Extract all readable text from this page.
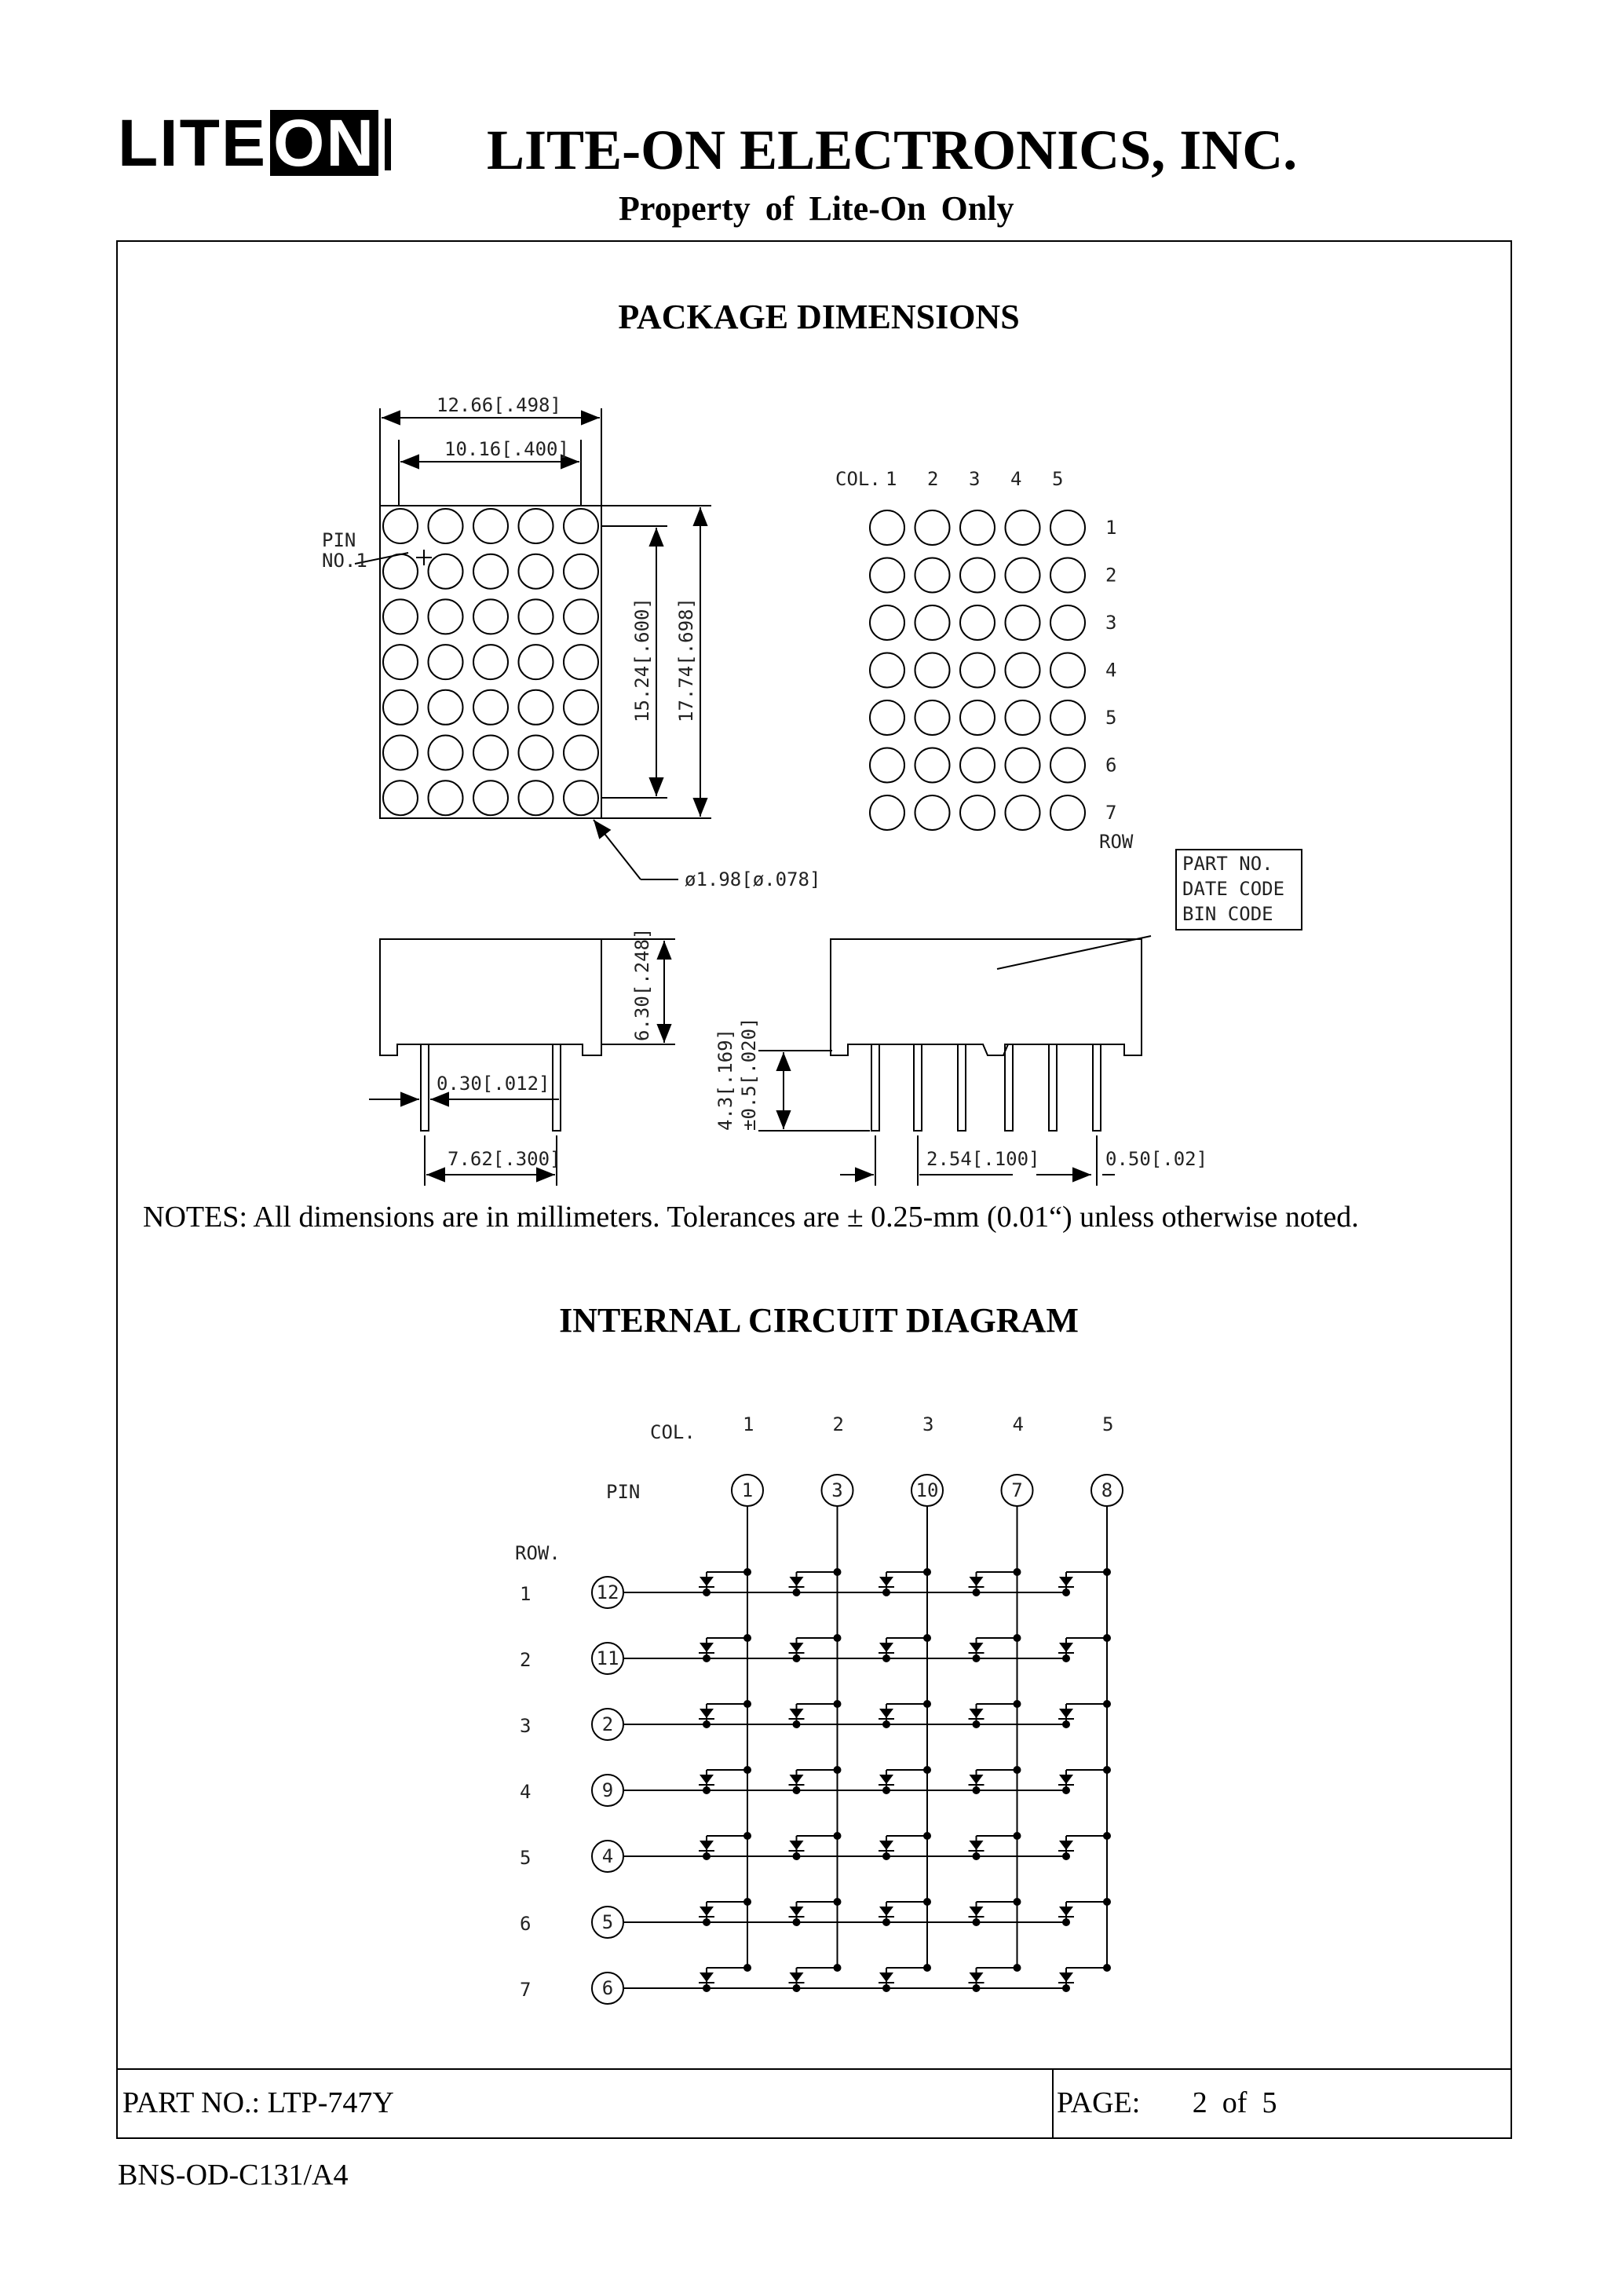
LITEON LITE-ON ELECTRONICS, INC.
Property of Lite-On Only
PACKAGE DIMENSIONS
INTERNAL CIRCUIT DIAGRAM
12.66[.498]
10.16[.400]
PIN
NO.1
15.24[.600] 17.74[.698]
ø1.98[ø.078]
6.30[.248]
0.30[.012]
7.62[.300]
4.3[.169] ±0.5[.020]
2.54[.100]	0.50[.02]
COL.
ROW
PART NO.
DATE CODE
BIN CODE
1 2 3 4 5
1
2
3
4
5
6
7
COL.
PIN
ROW.
1
1
2
3
3
10
4
7
5
8
1	12
2	11
3	2
4	9
5	4
6	5
7	6
NOTES: All dimensions are in millimeters. Tolerances are ± 0.25-mm (0.01“) unless otherwise noted.
PART NO.: LTP-747Y	PAGE:       2  of  5
BNS-OD-C131/A4
